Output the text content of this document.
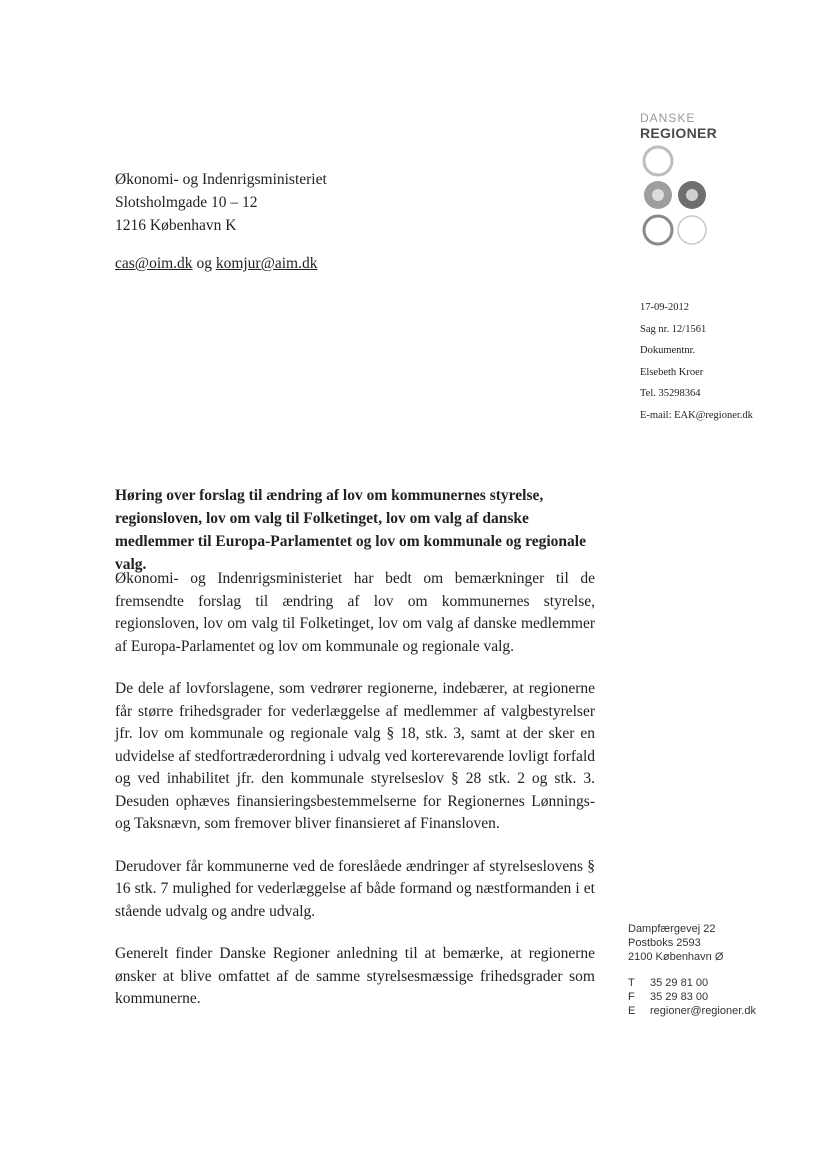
DANSKE
REGIONER
Økonomi- og Indenrigsministeriet
Slotsholmgade 10 – 12
1216 København K
cas@oim.dk og komjur@aim.dk
17-09-2012
Sag nr. 12/1561
Dokumentnr.
Elsebeth Kroer
Tel. 35298364
E-mail: EAK@regioner.dk
Høring over forslag til ændring af lov om kommunernes styrelse, regionsloven, lov om valg til Folketinget, lov om valg af danske medlemmer til Europa-Parlamentet og lov om kommunale og regionale valg.

Økonomi- og Indenrigsministeriet har bedt om bemærkninger til de fremsendte forslag til ændring af lov om kommunernes styrelse, regionsloven, lov om valg til Folketinget, lov om valg af danske medlemmer af Europa-Parlamentet og lov om kommunale og regionale valg.

De dele af lovforslagene, som vedrører regionerne, indebærer, at regionerne får større frihedsgrader for vederlæggelse af medlemmer af valgbestyrelser jfr. lov om kommunale og regionale valg § 18, stk. 3, samt at der sker en udvidelse af stedfortræderordning i udvalg ved korterevarende lovligt forfald og ved inhabilitet jfr. den kommunale styrelseslov § 28 stk. 2 og stk. 3. Desuden ophæves finansieringsbestemmelserne for Regionernes Lønnings- og Taksnævn, som fremover bliver finansieret af Finansloven.

Derudover får kommunerne ved de foreslåede ændringer af styrelseslovens § 16 stk. 7 mulighed for vederlæggelse af både formand og næstformanden i et stående udvalg og andre udvalg.

Generelt finder Danske Regioner anledning til at bemærke, at regionerne ønsker at blive omfattet af de samme styrelsesmæssige frihedsgrader som kommunerne.

Dampfærgevej 22
Postboks 2593
2100 København Ø
T 35 29 81 00
F 35 29 83 00
E regioner@regioner.dk
